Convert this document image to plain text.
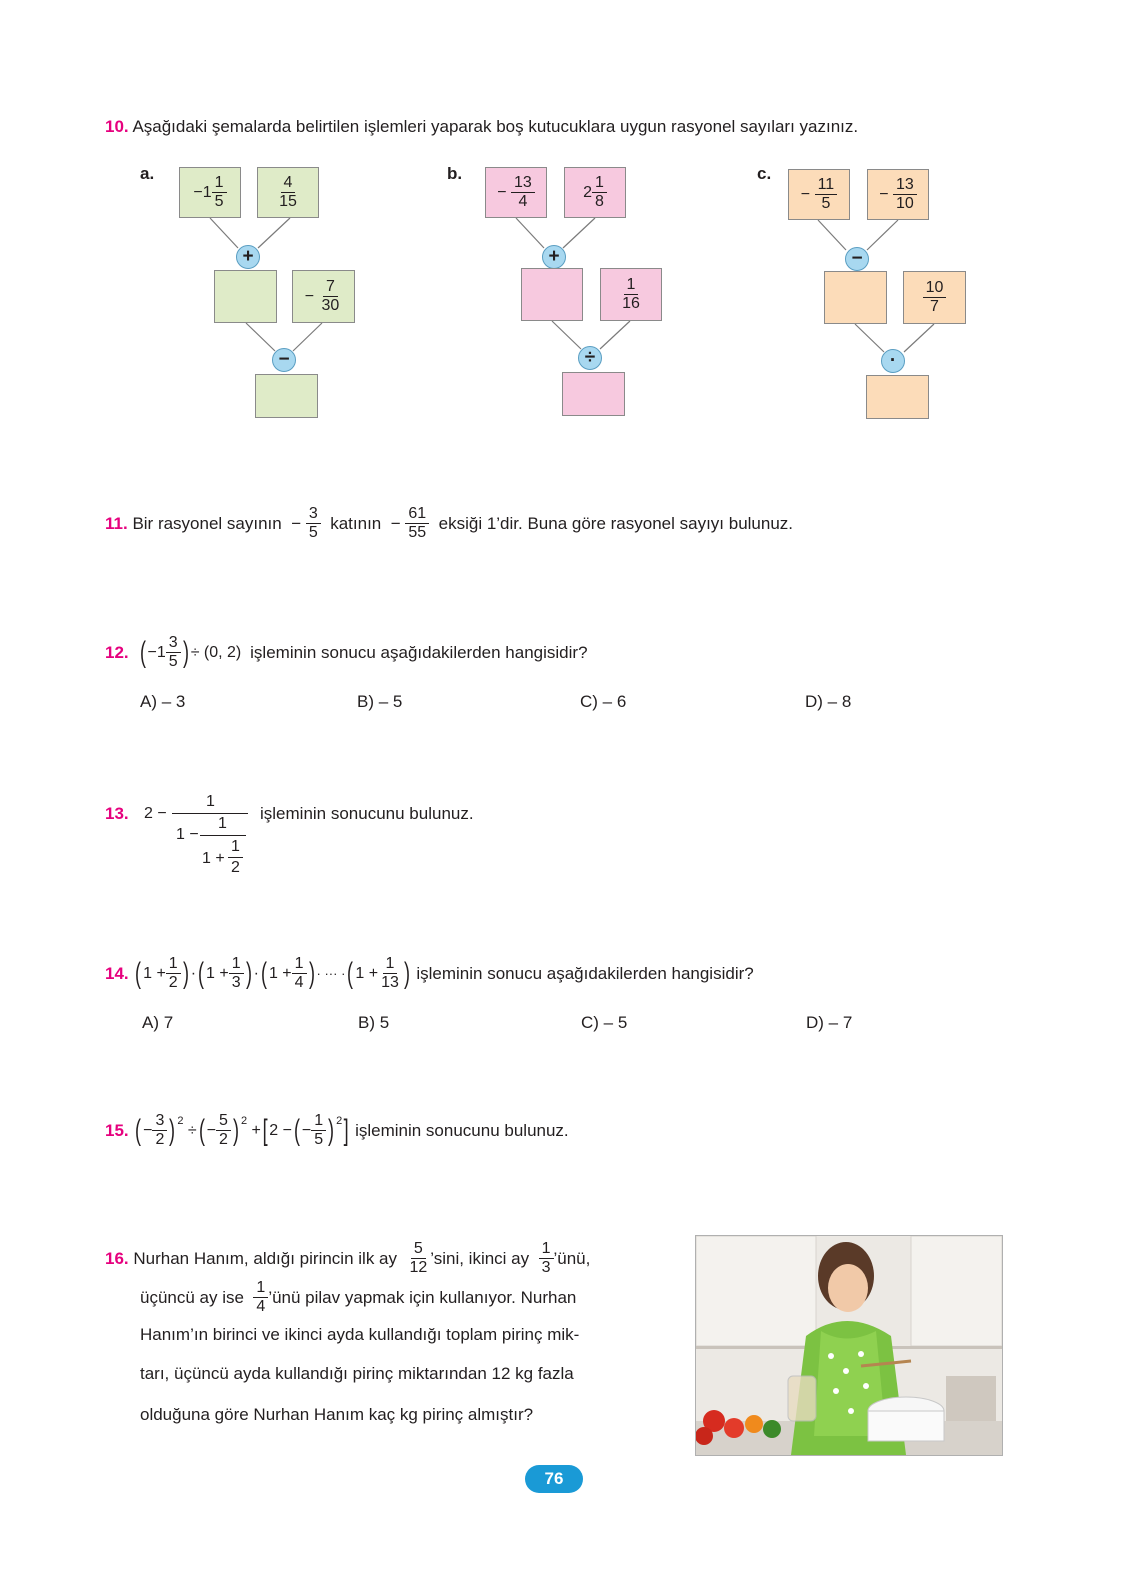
10. Aşağıdaki şemalarda belirtilen işlemleri yaparak boş kutucuklara uygun rasyonel sayıları yazınız.
a.
$-1 \frac{1}{5}$	$\frac{4}{15}$
+
−
$\frac{7}{30}$
−
b.
−
$\frac{13}{4}$	$2 \frac{1}{8}$
+
$\frac{1}{16}$
÷
c.
−
$\frac{11}{5}$	−
$\frac{13}{10}$
−
$\frac{10}{7}$
·
11.
Bir rasyonel sayının
−
$\frac{3}{5}$
katının
−
$\frac{61}{55}$
eksiği 1’dir. Buna göre rasyonel sayıyı bulunuz.
12.
( $-1 \frac{3}{5}$ ) ÷ (0, 2)
işleminin sonucu aşağıdakilerden hangisidir?
A) – 3	B) – 5	C) – 6	D) – 8
13. 2 −
1
1 −
1
1 +
1
2
işleminin sonucunu bulunuz.
14.
( $1 + \frac{1}{2}$ ) · ( $1 + \frac{1}{3}$ ) · ( $1 + \frac{1}{4}$ ) · ··· · ( $1 + \frac{1}{13}$ )
işleminin sonucu aşağıdakilerden hangisidir?
A) 7	B) 5	C) – 5	D) – 7
15.
( − $\frac{3}{2}$ ) 2

÷ ( − $\frac{5}{2}$ ) 2

+ [ 2 − ( − $\frac{1}{5}$ ) 2 ]
işleminin sonucunu bulunuz.
16.
Nurhan Hanım, aldığı pirincin ilk ay
$\frac{5}{12}$ ’sini, ikinci ay
$\frac{1}{3}$ ’ünü,
üçüncü ay ise
$\frac{1}{4}$ ’ünü pilav yapmak için kullanıyor. Nurhan
Hanım’ın birinci ve ikinci ayda kullandığı toplam pirinç mik-
tarı, üçüncü ayda kullandığı pirinç miktarından 12 kg fazla
olduğuna göre Nurhan Hanım kaç kg pirinç almıştır?
76
